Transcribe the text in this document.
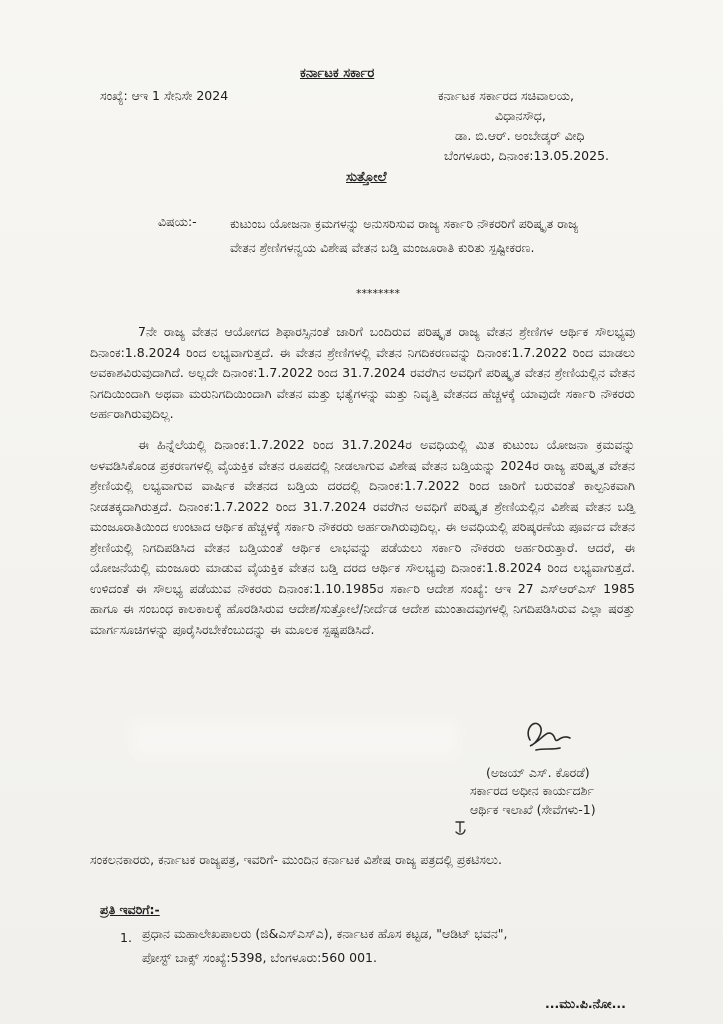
ಕರ್ನಾಟಕ ಸರ್ಕಾರ
ಸಂಖ್ಯೆ: ಆಇ 1 ಸೇನಿಸೇ 2024	ಕರ್ನಾಟಕ ಸರ್ಕಾರದ ಸಚಿವಾಲಯ,
ವಿಧಾನಸೌಧ,
ಡಾ. ಬಿ.ಆರ್. ಅಂಬೇಡ್ಕರ್ ವೀಧಿ
ಬೆಂಗಳೂರು, ದಿನಾಂಕ:13.05.2025.
ಸುತ್ತೋಲೆ
ವಿಷಯ:-	ಕುಟುಂಬ ಯೋಜನಾ ಕ್ರಮಗಳನ್ನು ಅನುಸರಿಸುವ ರಾಜ್ಯ ಸರ್ಕಾರಿ ನೌಕರರಿಗೆ ಪರಿಷ್ಕೃತ ರಾಜ್ಯ ವೇತನ ಶ್ರೇಣಿಗಳನ್ವಯ ವಿಶೇಷ ವೇತನ ಬಡ್ತಿ ಮಂಜೂರಾತಿ ಕುರಿತು ಸ್ಪಷ್ಟೀಕರಣ.
********
7ನೇ ರಾಜ್ಯ ವೇತನ ಆಯೋಗದ ಶಿಫಾರಸ್ಸಿನಂತೆ ಜಾರಿಗೆ ಬಂದಿರುವ ಪರಿಷ್ಕೃತ ರಾಜ್ಯ ವೇತನ ಶ್ರೇಣಿಗಳ ಆರ್ಥಿಕ ಸೌಲಭ್ಯವು ದಿನಾಂಕ:1.8.2024 ರಿಂದ ಲಭ್ಯವಾಗುತ್ತದೆ. ಈ ವೇತನ ಶ್ರೇಣಿಗಳಲ್ಲಿ ವೇತನ ನಿಗದಿಕರಣವನ್ನು ದಿನಾಂಕ:1.7.2022 ರಿಂದ ಮಾಡಲು ಅವಕಾಶವಿರುವುದಾಗಿದೆ. ಅಲ್ಲದೇ ದಿನಾಂಕ:1.7.2022 ರಿಂದ 31.7.2024 ರವರೆಗಿನ ಅವಧಿಗೆ ಪರಿಷ್ಕೃತ ವೇತನ ಶ್ರೇಣಿಯಲ್ಲಿನ ವೇತನ ನಿಗದಿಯಿಂದಾಗಿ ಅಥವಾ ಮರುನಿಗದಿಯಿಂದಾಗಿ ವೇತನ ಮತ್ತು ಭತ್ಯೆಗಳನ್ನು ಮತ್ತು ನಿವೃತ್ತಿ ವೇತನದ ಹೆಚ್ಚಳಕ್ಕೆ ಯಾವುದೇ ಸರ್ಕಾರಿ ನೌಕರರು ಅರ್ಹರಾಗಿರುವುದಿಲ್ಲ.
ಈ ಹಿನ್ನೆಲೆಯಲ್ಲಿ ದಿನಾಂಕ:1.7.2022 ರಿಂದ 31.7.2024ರ ಅವಧಿಯಲ್ಲಿ ಮಿತ ಕುಟುಂಬ ಯೋಜನಾ ಕ್ರಮವನ್ನು ಅಳವಡಿಸಿಕೊಂಡ ಪ್ರಕರಣಗಳಲ್ಲಿ ವೈಯಕ್ತಿಕ ವೇತನ ರೂಪದಲ್ಲಿ ನೀಡಲಾಗುವ ವಿಶೇಷ ವೇತನ ಬಡ್ತಿಯನ್ನು 2024ರ ರಾಜ್ಯ ಪರಿಷ್ಕೃತ ವೇತನ ಶ್ರೇಣಿಯಲ್ಲಿ ಲಭ್ಯವಾಗುವ ವಾರ್ಷಿಕ ವೇತನದ ಬಡ್ತಿಯ ದರದಲ್ಲಿ ದಿನಾಂಕ:1.7.2022 ರಿಂದ ಜಾರಿಗೆ ಬರುವಂತೆ ಕಾಲ್ಪನಿಕವಾಗಿ ನೀಡತಕ್ಕದಾಗಿರುತ್ತದೆ. ದಿನಾಂಕ:1.7.2022 ರಿಂದ 31.7.2024 ರವರೆಗಿನ ಅವಧಿಗೆ ಪರಿಷ್ಕೃತ ಶ್ರೇಣಿಯಲ್ಲಿನ ವಿಶೇಷ ವೇತನ ಬಡ್ತಿ ಮಂಜೂರಾತಿಯಿಂದ ಉಂಟಾದ ಆರ್ಥಿಕ ಹೆಚ್ಚಳಕ್ಕೆ ಸರ್ಕಾರಿ ನೌಕರರು ಅರ್ಹರಾಗಿರುವುದಿಲ್ಲ. ಈ ಅವಧಿಯಲ್ಲಿ ಪರಿಷ್ಕರಣೆಯ ಪೂರ್ವದ ವೇತನ ಶ್ರೇಣಿಯಲ್ಲಿ ನಿಗದಿಪಡಿಸಿದ ವೇತನ ಬಡ್ತಿಯಂತೆ ಆರ್ಥಿಕ ಲಾಭವನ್ನು ಪಡೆಯಲು ಸರ್ಕಾರಿ ನೌಕರರು ಅರ್ಹರಿರುತ್ತಾರೆ. ಆದರೆ, ಈ ಯೋಜನೆಯಲ್ಲಿ ಮಂಜೂರು ಮಾಡುವ ವೈಯಕ್ತಿಕ ವೇತನ ಬಡ್ತಿ ದರದ ಆರ್ಥಿಕ ಸೌಲಭ್ಯವು ದಿನಾಂಕ:1.8.2024 ರಿಂದ ಲಭ್ಯವಾಗುತ್ತದೆ. ಉಳಿದಂತೆ ಈ ಸೌಲಭ್ಯ ಪಡೆಯುವ ನೌಕರರು ದಿನಾಂಕ:1.10.1985ರ ಸರ್ಕಾರಿ ಆದೇಶ ಸಂಖ್ಯೆ: ಆಇ 27 ಎಸ್‌ಆರ್‌ಎಸ್ 1985 ಹಾಗೂ ಈ ಸಂಬಂಧ ಕಾಲಕಾಲಕ್ಕೆ ಹೊರಡಿಸಿರುವ ಆದೇಶ/ಸುತ್ತೋಲೆ/ನೀರ್ದೆಡ ಆದೇಶ ಮುಂತಾದವುಗಳಲ್ಲಿ ನಿಗದಿಪಡಿಸಿರುವ ಎಲ್ಲಾ ಷರತ್ತು ಮಾರ್ಗಸೂಚಿಗಳನ್ನು ಪೂರೈಸಿರಬೇಕೆಂಬುದನ್ನು ಈ ಮೂಲಕ ಸ್ಪಷ್ಟಪಡಿಸಿದೆ.
(ಅಜಯ್ ಎಸ್. ಕೊರಡೆ)
ಸರ್ಕಾರದ ಅಧೀನ ಕಾರ್ಯದರ್ಶಿ
ಆರ್ಥಿಕ ಇಲಾಖೆ (ಸೇವೆಗಳು-1)
ಸಂಕಲನಕಾರರು, ಕರ್ನಾಟಕ ರಾಜ್ಯಪತ್ರ, ಇವರಿಗೆ- ಮುಂದಿನ ಕರ್ನಾಟಕ ವಿಶೇಷ ರಾಜ್ಯ ಪತ್ರದಲ್ಲಿ ಪ್ರಕಟಿಸಲು.
ಪ್ರತಿ ಇವರಿಗೆ:-
1. ಪ್ರಧಾನ ಮಹಾಲೇಖಪಾಲರು (ಜಿ&ಎಸ್‌ಎಸ್‌ಎ), ಕರ್ನಾಟಕ ಹೊಸ ಕಟ್ಟಡ, "ಆಡಿಟ್ ಭವನ",
ಪೋಸ್ಟ್ ಬಾಕ್ಸ್ ಸಂಖ್ಯೆ:5398, ಬೆಂಗಳೂರು:560 001.
...ಮು.ಪಿ.ನೋ...
